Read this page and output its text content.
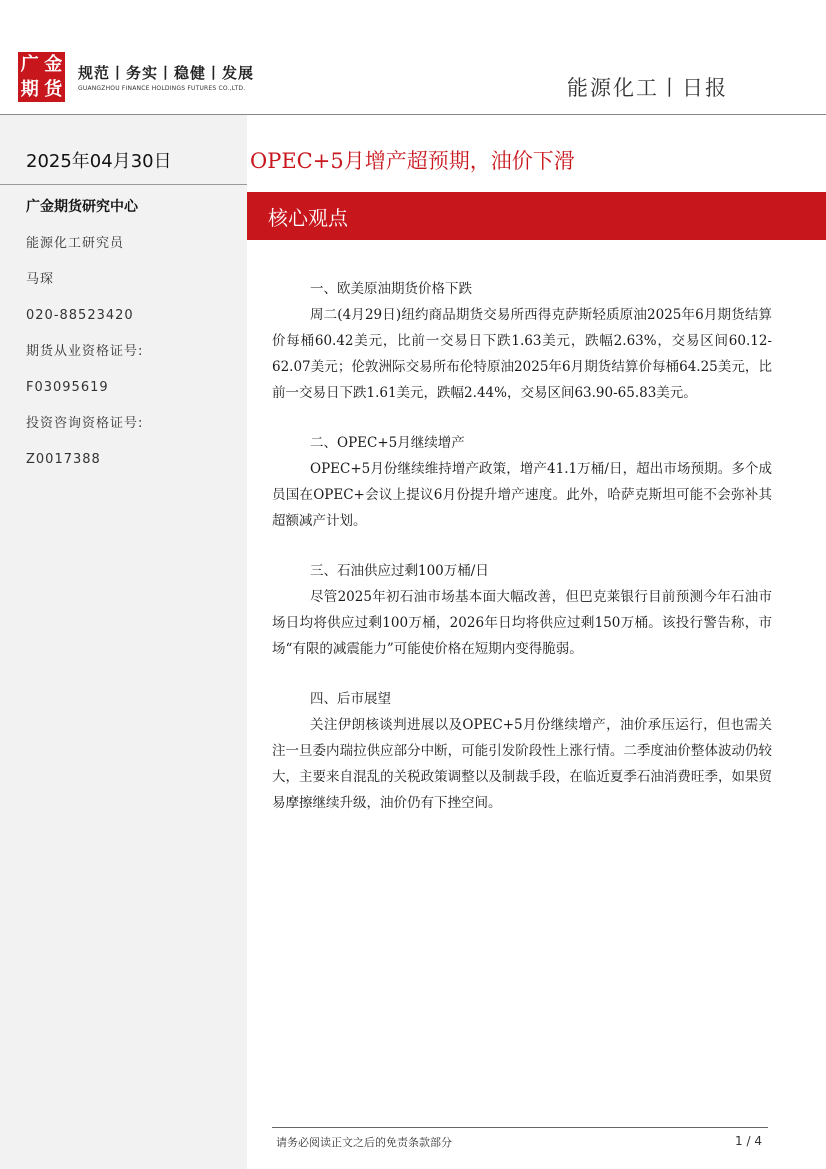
广 金
期 货
规范丨务实丨稳健丨发展
GUANGZHOU FINANCE HOLDINGS FUTURES CO.,LTD.	能源化工丨日报
2025年04月30日
广金期货研究中心
能源化工研究员
马琛
020-88523420
期货从业资格证号:
F03095619
投资咨询资格证号:
Z0017388
OPEC+5月增产超预期，油价下滑
核心观点
一、欧美原油期货价格下跌
周二(4月29日)纽约商品期货交易所西得克萨斯轻质原油2025年6月期货结算价每桶60.42美元，比前一交易日下跌1.63美元，跌幅2.63%，交易区间60.12-62.07美元；伦敦洲际交易所布伦特原油2025年6月期货结算价每桶64.25美元，比前一交易日下跌1.61美元，跌幅2.44%，交易区间63.90-65.83美元。
二、OPEC+5月继续增产
OPEC+5月份继续维持增产政策，增产41.1万桶/日，超出市场预期。多个成员国在OPEC+会议上提议6月份提升增产速度。此外，哈萨克斯坦可能不会弥补其超额减产计划。
三、石油供应过剩100万桶/日
尽管2025年初石油市场基本面大幅改善，但巴克莱银行目前预测今年石油市场日均将供应过剩100万桶，2026年日均将供应过剩150万桶。该投行警告称，市场“有限的减震能力”可能使价格在短期内变得脆弱。
四、后市展望
关注伊朗核谈判进展以及OPEC+5月份继续增产，油价承压运行，但也需关注一旦委内瑞拉供应部分中断，可能引发阶段性上涨行情。二季度油价整体波动仍较大，主要来自混乱的关税政策调整以及制裁手段，在临近夏季石油消费旺季，如果贸易摩擦继续升级，油价仍有下挫空间。
请务必阅读正文之后的免责条款部分	1 / 4
